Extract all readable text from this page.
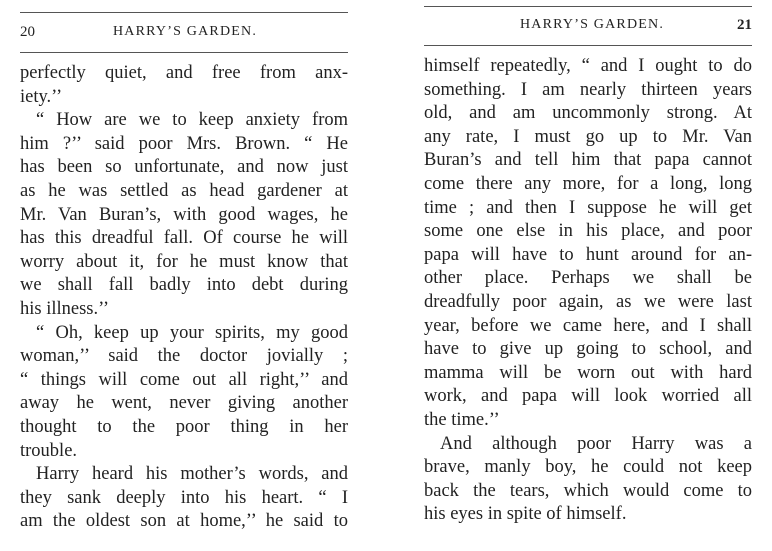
20	HARRY’S GARDEN.
perfectly quiet, and free from anx-
iety.’’
“ How are we to keep anxiety from
him ?’’ said poor Mrs. Brown. “ He
has been so unfortunate, and now just
as he was settled as head gardener at
Mr. Van Buran’s, with good wages, he
has this dreadful fall. Of course he will
worry about it, for he must know that
we shall fall badly into debt during
his illness.’’
“ Oh, keep up your spirits, my good
woman,’’ said the doctor jovially ;
“ things will come out all right,’’ and
away he went, never giving another
thought to the poor thing in her
trouble.
Harry heard his mother’s words, and
they sank deeply into his heart. “ I
am the oldest son at home,’’ he said to
HARRY’S GARDEN.	21
himself repeatedly, “ and I ought to do
something. I am nearly thirteen years
old, and am uncommonly strong. At
any rate, I must go up to Mr. Van
Buran’s and tell him that papa cannot
come there any more, for a long, long
time ; and then I suppose he will get
some one else in his place, and poor
papa will have to hunt around for an-
other place. Perhaps we shall be
dreadfully poor again, as we were last
year, before we came here, and I shall
have to give up going to school, and
mamma will be worn out with hard
work, and papa will look worried all
the time.’’
And although poor Harry was a
brave, manly boy, he could not keep
back the tears, which would come to
his eyes in spite of himself.
